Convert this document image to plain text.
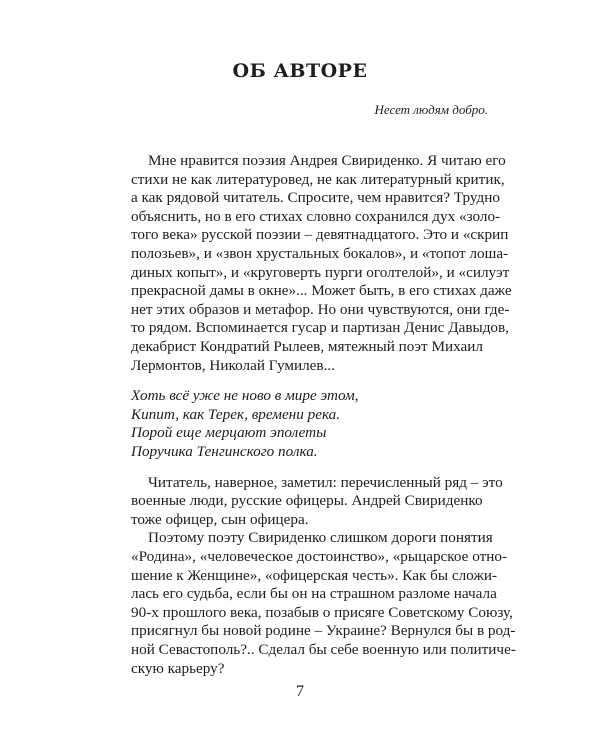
ОБ АВТОРЕ
Несет людям добро.
Мне нравится поэзия Андрея Свириденко. Я читаю его
стихи не как литературовед, не как литературный критик,
а как рядовой читатель. Спросите, чем нравится? Трудно
объяснить, но в его стихах словно сохранился дух «золо-
того века» русской поэзии – девятнадцатого. Это и «скрип
полозьев», и «звон хрустальных бокалов», и «топот лоша-
диных копыт», и «круговерть пурги оголтелой», и «силуэт
прекрасной дамы в окне»... Может быть, в его стихах даже
нет этих образов и метафор. Но они чувствуются, они где-
то рядом. Вспоминается гусар и партизан Денис Давыдов,
декабрист Кондратий Рылеев, мятежный поэт Михаил
Лермонтов, Николай Гумилев...
Хоть всё уже не ново в мире этом,
Кипит, как Терек, времени река.
Порой еще мерцают эполеты
Поручика Тенгинского полка.
Читатель, наверное, заметил: перечисленный ряд – это
военные люди, русские офицеры. Андрей Свириденко
тоже офицер, сын офицера.
Поэтому поэту Свириденко слишком дороги понятия
«Родина», «человеческое достоинство», «рыцарское отно-
шение к Женщине», «офицерская честь». Как бы сложи-
лась его судьба, если бы он на страшном разломе начала
90-х прошлого века, позабыв о присяге Советскому Союзу,
присягнул бы новой родине – Украине? Вернулся бы в род-
ной Севастополь?.. Сделал бы себе военную или политиче-
скую карьеру?
7
